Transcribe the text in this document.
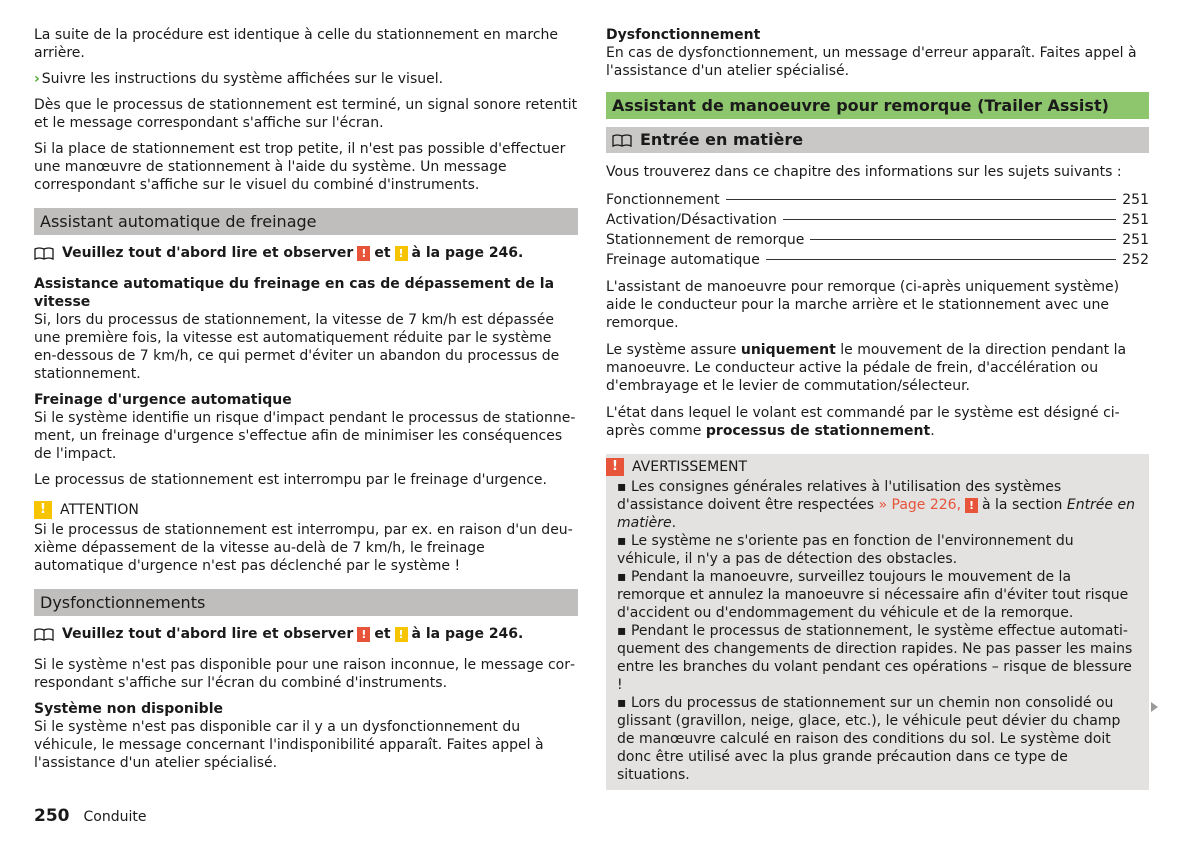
La suite de la procédure est identique à celle du stationnement en marche arrière.

› Suivre les instructions du système affichées sur le visuel.

Dès que le processus de stationnement est terminé, un signal sonore retentit et le message correspondant s'affiche sur l'écran.

Si la place de stationnement est trop petite, il n'est pas possible d'effectuer une manœuvre de stationnement à l'aide du système. Un message correspondant s'affiche sur le visuel du combiné d'instruments.

Assistant automatique de freinage
Veuillez tout d'abord lire et observer ! et ! à la page 246.

Assistance automatique du freinage en cas de dépassement de la vitesse

Si, lors du processus de stationnement, la vitesse de 7 km/h est dépassée une première fois, la vitesse est automatiquement réduite par le système en-dessous de 7 km/h, ce qui permet d'éviter un abandon du processus de stationnement.

Freinage d'urgence automatique

Si le système identifie un risque d'impact pendant le processus de stationnement, un freinage d'urgence s'effectue afin de minimiser les conséquences de l'impact.

Le processus de stationnement est interrompu par le freinage d'urgence.

!	ATTENTION

Si le processus de stationnement est interrompu, par ex. en raison d'un deuxième dépassement de la vitesse au-delà de 7 km/h, le freinage automatique d'urgence n'est pas déclenché par le système !

Dysfonctionnements
Veuillez tout d'abord lire et observer ! et ! à la page 246.

Si le système n'est pas disponible pour une raison inconnue, le message correspondant s'affiche sur l'écran du combiné d'instruments.

Système non disponible

Si le système n'est pas disponible car il y a un dysfonctionnement du véhicule, le message concernant l'indisponibilité apparaît. Faites appel à l'assistance d'un atelier spécialisé.

Dysfonctionnement

En cas de dysfonctionnement, un message d'erreur apparaît. Faites appel à l'assistance d'un atelier spécialisé.

Assistant de manoeuvre pour remorque (Trailer Assist)
Entrée en matière

Vous trouverez dans ce chapitre des informations sur les sujets suivants :

Fonctionnement	251
Activation/Désactivation	251
Stationnement de remorque	251
Freinage automatique	252

L'assistant de manoeuvre pour remorque (ci-après uniquement système) aide le conducteur pour la marche arrière et le stationnement avec une remorque.

Le système assure uniquement le mouvement de la direction pendant la manoeuvre. Le conducteur active la pédale de frein, d'accélération ou d'embrayage et le levier de commutation/sélecteur.

L'état dans lequel le volant est commandé par le système est désigné ci-après comme processus de stationnement.

!	AVERTISSEMENT

▪ Les consignes générales relatives à l'utilisation des systèmes d'assistance doivent être respectées » Page 226, ! à la section Entrée en matière.

▪ Le système ne s'oriente pas en fonction de l'environnement du véhicule, il n'y a pas de détection des obstacles.

▪ Pendant la manoeuvre, surveillez toujours le mouvement de la remorque et annulez la manoeuvre si nécessaire afin d'éviter tout risque d'accident ou d'endommagement du véhicule et de la remorque.

▪ Pendant le processus de stationnement, le système effectue automatiquement des changements de direction rapides. Ne pas passer les mains entre les branches du volant pendant ces opérations – risque de blessure !

▪ Lors du processus de stationnement sur un chemin non consolidé ou glissant (gravillon, neige, glace, etc.), le véhicule peut dévier du champ de manœuvre calculé en raison des conditions du sol. Le système doit donc être utilisé avec la plus grande précaution dans ce type de situations.

250 Conduite
